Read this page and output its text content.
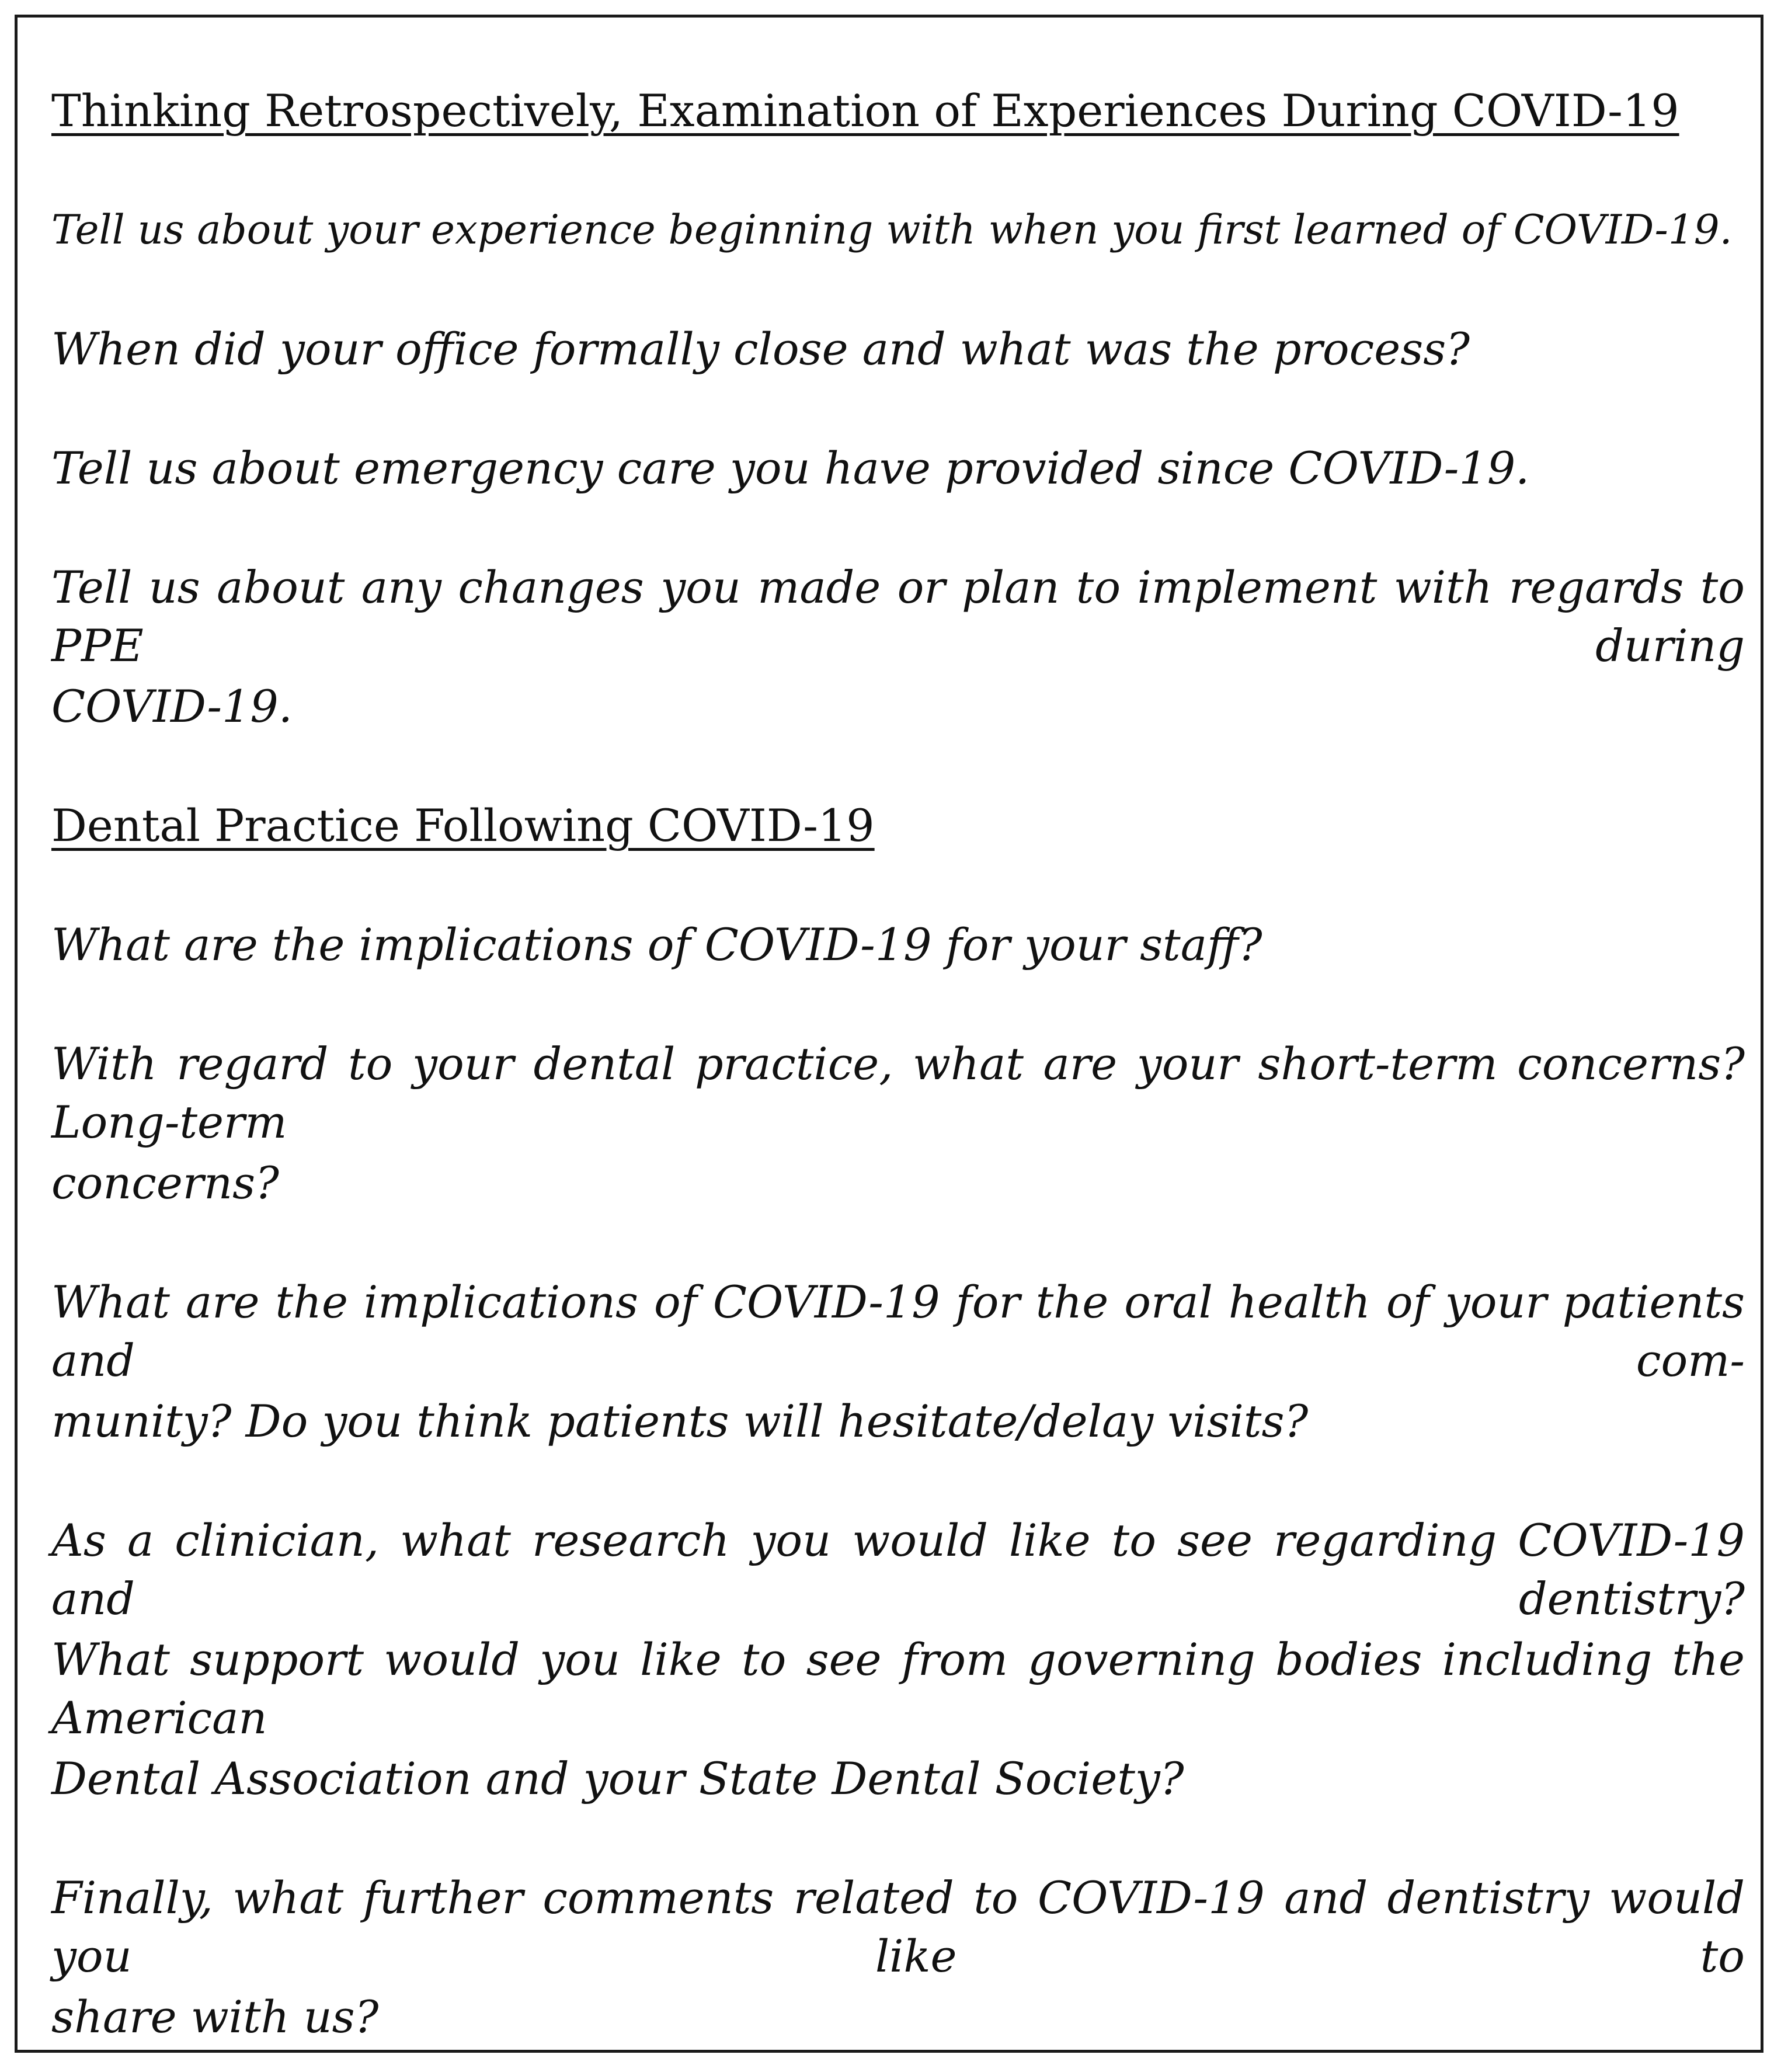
Thinking Retrospectively, Examination of Experiences During COVID-19
Tell us about your experience beginning with when you first learned of COVID-19.
When did your office formally close and what was the process?
Tell us about emergency care you have provided since COVID-19.
Tell us about any changes you made or plan to implement with regards to PPE during
COVID-19.
Dental Practice Following COVID-19
What are the implications of COVID-19 for your staff?
With regard to your dental practice, what are your short-term concerns? Long-term
concerns?
What are the implications of COVID-19 for the oral health of your patients and com-
munity? Do you think patients will hesitate/delay visits?
As a clinician, what research you would like to see regarding COVID-19 and dentistry?
What support would you like to see from governing bodies including the American
Dental Association and your State Dental Society?
Finally, what further comments related to COVID-19 and dentistry would you like to
share with us?
